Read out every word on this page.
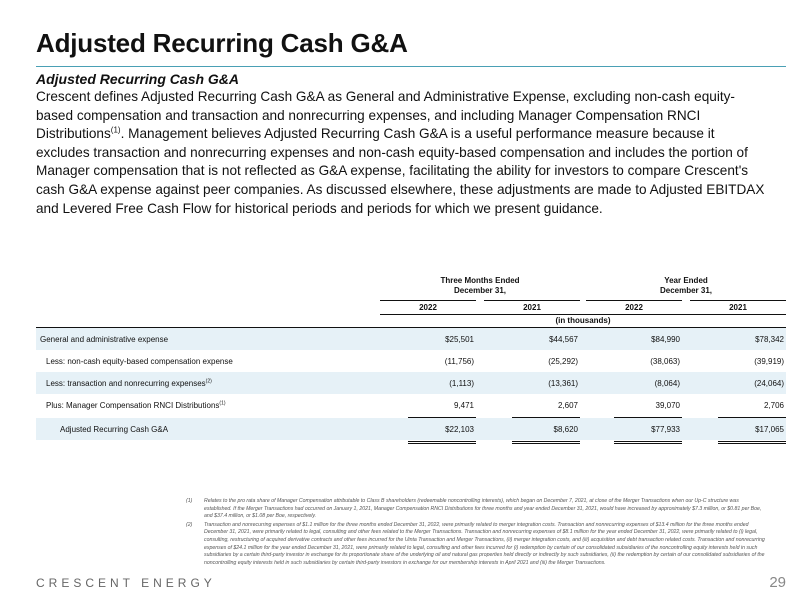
Adjusted Recurring Cash G&A
Adjusted Recurring Cash G&A

Crescent defines Adjusted Recurring Cash G&A as General and Administrative Expense, excluding non-cash equity-based compensation and transaction and nonrecurring expenses, and including Manager Compensation RNCI Distributions$^{(1)}$. Management believes Adjusted Recurring Cash G&A is a useful performance measure because it excludes transaction and nonrecurring expenses and non-cash equity-based compensation and includes the portion of Manager compensation that is not reflected as G&A expense, facilitating the ability for investors to compare Crescent's cash G&A expense against peer companies. As discussed elsewhere, these adjustments are made to Adjusted EBITDAX and Levered Free Cash Flow for historical periods and periods for which we present guidance.

Three Months Ended
December 31,
Year Ended
December 31,
2022	2021	2022	2021
(in thousands)
General and administrative expense	$25,501	$44,567	$84,990	$78,342
Less: non-cash equity-based compensation expense	(11,756)	(25,292)	(38,063)	(39,919)
Less: transaction and nonrecurring expenses$^{(2)}$	(1,113)	(13,361)	(8,064)	(24,064)
Plus: Manager Compensation RNCI Distributions$^{(1)}$	9,471	2,607	39,070	2,706
Adjusted Recurring Cash G&A	$22,103	$8,620	$77,933	$17,065
(1)	Relates to the pro rata share of Manager Compensation attributable to Class B shareholders (redeemable noncontrolling interests), which began on December 7, 2021, at close of the Merger Transactions when our Up-C structure was established. If the Merger Transactions had occurred on January 1, 2021, Manager Compensation RNCI Distributions for three months and year ended December 31, 2021, would have increased by approximately $7.3 million, or $0.81 per Boe, and $37.4 million, or $1.08 per Boe, respectively.
(2)	Transaction and nonrecurring expenses of $1.1 million for the three months ended December 31, 2022, were primarily related to merger integration costs. Transaction and nonrecurring expenses of $13.4 million for the three months ended December 31, 2021, were primarily related to legal, consulting and other fees related to the Merger Transactions. Transaction and nonrecurring expenses of $8.1 million for the year ended December 31, 2022, were primarily related to (i) legal, consulting, restructuring of acquired derivative contracts and other fees incurred for the Uinta Transaction and Merger Transactions, (ii) merger integration costs, and (iii) acquisition and debt transaction related costs. Transaction and nonrecurring expenses of $24.1 million for the year ended December 31, 2021, were primarily related to legal, consulting and other fees incurred for (i) redemption by certain of our consolidated subsidiaries of the noncontrolling equity interests held in such subsidiaries by a certain third-party investor in exchange for its proportionate share of the underlying oil and natural gas properties held directly or indirectly by such subsidiaries, (ii) the redemption by certain of our consolidated subsidiaries of the noncontrolling equity interests held in such subsidiaries by certain third-party investors in exchange for our membership interests in April 2021 and (iii) the Merger Transactions.
CRESCENT ENERGY	29
